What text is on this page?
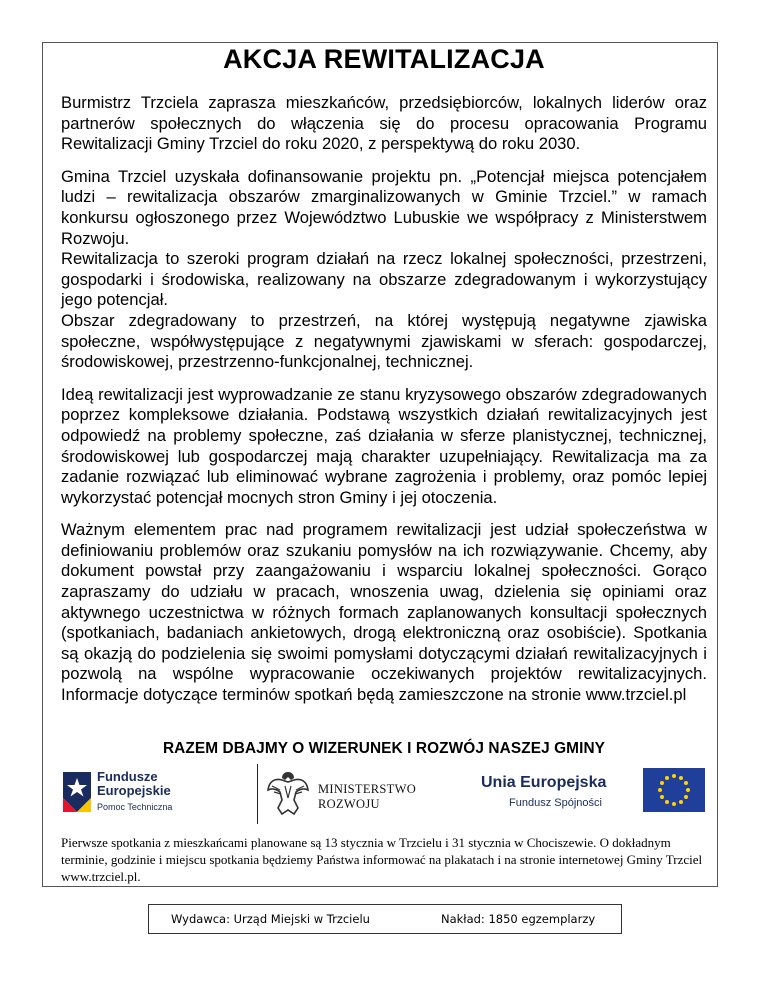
AKCJA REWITALIZACJA

Burmistrz Trzciela zaprasza mieszkańców, przedsiębiorców, lokalnych liderów oraz partnerów społecznych do włączenia się do procesu opracowania Programu Rewitalizacji Gminy Trzciel do roku 2020, z perspektywą do roku 2030.

Gmina Trzciel uzyskała dofinansowanie projektu pn. „Potencjał miejsca potencjałem ludzi – rewitalizacja obszarów zmarginalizowanych w Gminie Trzciel.” w ramach konkursu ogłoszonego przez Województwo Lubuskie we współpracy z Ministerstwem Rozwoju.

Rewitalizacja to szeroki program działań na rzecz lokalnej społeczności, przestrzeni, gospodarki i środowiska, realizowany na obszarze zdegradowanym i wykorzystujący jego potencjał.

Obszar zdegradowany to przestrzeń, na której występują negatywne zjawiska społeczne, współwystępujące z negatywnymi zjawiskami w sferach: gospodarczej, środowiskowej, przestrzenno-funkcjonalnej, technicznej.

Ideą rewitalizacji jest wyprowadzanie ze stanu kryzysowego obszarów zdegradowanych poprzez kompleksowe działania. Podstawą wszystkich działań rewitalizacyjnych jest odpowiedź na problemy społeczne, zaś działania w sferze planistycznej, technicznej, środowiskowej lub gospodarczej mają charakter uzupełniający. Rewitalizacja ma za zadanie rozwiązać lub eliminować wybrane zagrożenia i problemy, oraz pomóc lepiej wykorzystać potencjał mocnych stron Gminy i jej otoczenia.

Ważnym elementem prac nad programem rewitalizacji jest udział społeczeństwa w definiowaniu problemów oraz szukaniu pomysłów na ich rozwiązywanie. Chcemy, aby dokument powstał przy zaangażowaniu i wsparciu lokalnej społeczności. Gorąco zapraszamy do udziału w pracach, wnoszenia uwag, dzielenia się opiniami oraz aktywnego uczestnictwa w różnych formach zaplanowanych konsultacji społecznych (spotkaniach, badaniach ankietowych, drogą elektroniczną oraz osobiście). Spotkania są okazją do podzielenia się swoimi pomysłami dotyczącymi działań rewitalizacyjnych i pozwolą na wspólne wypracowanie oczekiwanych projektów rewitalizacyjnych. Informacje dotyczące terminów spotkań będą zamieszczone na stronie www.trzciel.pl

RAZEM DBAJMY O WIZERUNEK I ROZWÓJ NASZEJ GMINY
Fundusze
Europejskie
Pomoc Techniczna
MINISTERSTWO
ROZWOJU
Unia Europejska
Fundusz Spójności
Pierwsze spotkania z mieszkańcami planowane są 13 stycznia w Trzcielu i 31 stycznia w Chociszewie. O dokładnym terminie, godzinie i miejscu spotkania będziemy Państwa informować na plakatach i na stronie internetowej Gminy Trzciel www.trzciel.pl.
Wydawca: Urząd Miejski w Trzcielu	Nakład: 1850 egzemplarzy
